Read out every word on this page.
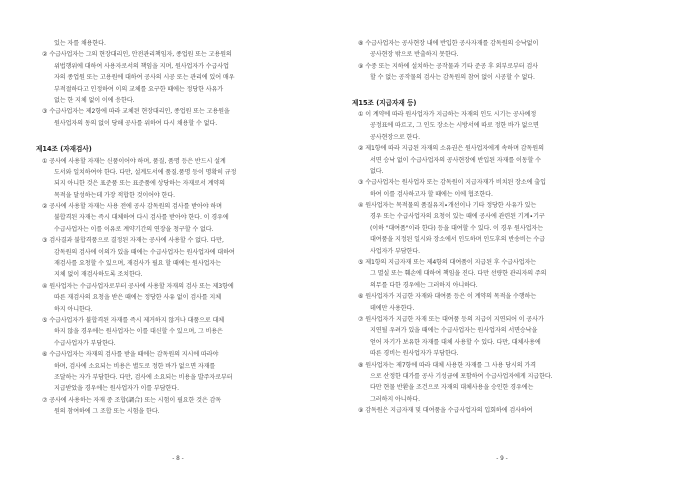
있는 자를 채용한다.
② 수급사업자는 그의 현장대리인, 안전관리책임자, 종업원 또는 고용원의
위법행위에 대하여 사용자로서의 책임을 지며, 원사업자가 수급사업
자의 종업원 또는 고용원에 대하여 공사의 시공 또는 관리에 있어 매우
부적절하다고 인정하여 이의 교체를 요구한 때에는 정당한 사유가
없는 한 지체 없이 이에 응한다.
③ 수급사업자는 제2항에 따라 교체된 현장대리인, 종업원 또는 고용원을
원사업자의 동의 없이 당해 공사를 위하여 다시 채용할 수 없다.
제14조 (자재검사)
① 공사에 사용할 자재는 신품이어야 하며, 품질, 품명 등은 반드시 설계
도서와 일치하여야 한다. 다만, 설계도서에 품질․품명 등이 명확히 규정
되지 아니한 것은 표준품 또는 표준품에 상당하는 자재로서 계약의
목적을 달성하는데 가장 적합한 것이어야 한다.
② 공사에 사용할 자재는 사용 전에 공사 감독원의 검사를 받아야 하며
불합격된 자재는 즉시 대체하여 다시 검사를 받아야 한다. 이 경우에
수급사업자는 이를 이유로 계약기간의 연장을 청구할 수 없다.
③ 검사결과 불합격품으로 결정된 자재는 공사에 사용할 수 없다. 다만,
감독원의 검사에 이의가 있을 때에는 수급사업자는 원사업자에 대하여
재검사를 요청할 수 있으며, 재검사가 필요 할 때에는 원사업자는
지체 없이 재검사하도록 조치한다.
④ 원사업자는 수급사업자로부터 공사에 사용할 자재의 검사 또는 제3항에
따른 재검사의 요청을 받은 때에는 정당한 사유 없이 검사를 지체
하지 아니한다.
⑤ 수급사업자가 불합격된 자재를 즉시 제거하지 않거나 대품으로 대체
하지 않을 경우에는 원사업자는 이를 대신할 수 있으며, 그 비용은
수급사업자가 부담한다.
⑥ 수급사업자는 자재의 검사를 받을 때에는 감독원의 지시에 따라야
하며, 검사에 소요되는 비용은 별도로 정한 바가 없으면 자재를
조달하는 자가 부담한다. 다만, 검사에 소요되는 비용을 발주자로부터
지급받았을 경우에는 원사업자가 이를 부담한다.
⑦ 공사에 사용하는 자재 중 조합(調合) 또는 시험이 필요한 것은 감독
원의 참여하에 그 조합 또는 시험을 한다.
- 8 -
⑧ 수급사업자는 공사현장 내에 반입한 공사자재를 감독원의 승낙없이
공사현장 밖으로 반출하지 못한다.
⑨ 수중 또는 지하에 설치하는 공작물과 기타 준공 후 외부로부터 검사
할 수 없는 공작물의 검사는 감독원의 참여 없이 시공할 수 없다.
제15조 (지급자재 등)
① 이 계약에 따라 원사업자가 지급하는 자재의 인도 시기는 공사예정
공정표에 따르고, 그 인도 장소는 시방서에 따로 정한 바가 없으면
공사현장으로 한다.
② 제1항에 따라 지급된 자재의 소유권은 원사업자에게 속하며 감독원의
서면 승낙 없이 수급사업자의 공사현장에 반입된 자재를 이동할 수
없다.
③ 수급사업자는 원사업자 또는 감독원이 지급자재가 비치된 장소에 출입
하여 이를 검사하고자 할 때에는 이에 협조한다.
④ 원사업자는 목적물의 품질유지∙개선이나 기타 정당한 사유가 있는
경우 또는 수급사업자의 요청이 있는 때에 공사에 관련된 기계∙기구
(이하 "대여품"이라 한다) 등을 대여할 수 있다. 이 경우 원사업자는
대여품을 지정된 일시와 장소에서 인도하며 인도후의 반송비는 수급
사업자가 부담한다.
⑤ 제1항의 지급자재 또는 제4항의 대여품이 지급된 후 수급사업자는
그 멸실 또는 훼손에 대하여 책임을 진다. 다만 선량한 관리자의 주의
의무를 다한 경우에는 그러하지 아니하다.
⑥ 원사업자가 지급한 자재와 대여품 등은 이 계약의 목적을 수행하는
데에만 사용한다.
⑦ 원사업자가 지급한 자재 또는 대여품 등의 지급이 지연되어 이 공사가
지연될 우려가 있을 때에는 수급사업자는 원사업자의 서면승낙을
얻어 자기가 보유한 자재를 대체 사용할 수 있다. 다만, 대체사용에
따른 경비는 원사업자가 부담한다.
⑧ 원사업자는 제7항에 따라 대체 사용한 자재를 그 사용 당시의 가격
으로 산정한 대가를 공사 기성금에 포함하여 수급사업자에게 지급한다.
다만 현물 반환을 조건으로 자재의 대체사용을 승인한 경우에는
그러하지 아니하다.
⑨ 감독원은 지급자재 및 대여품을 수급사업자의 입회하에 검사하여
- 9 -
